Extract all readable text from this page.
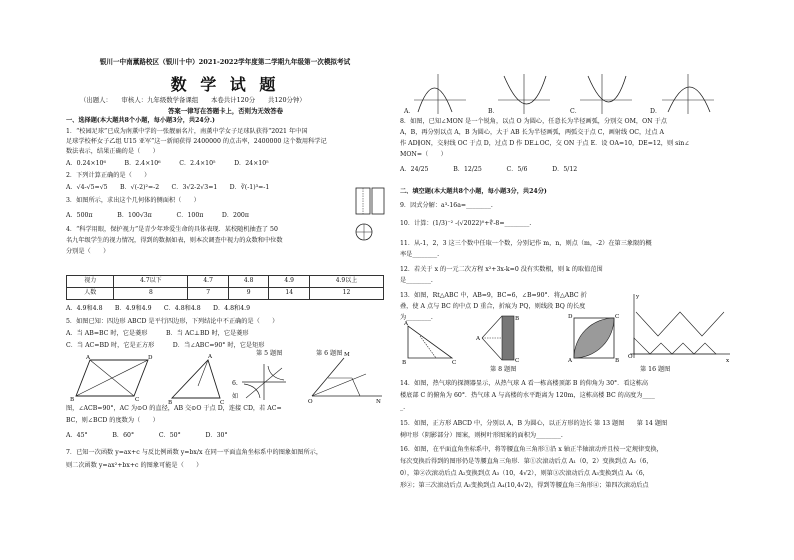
银川一中南薰路校区（银川十中）2021-2022学年度第二学期九年级第一次模拟考试
数 学 试 题
（出题人：　　审核人：九年级数学备课组　　本卷共计120分　　共120分钟）
答案一律写在答题卡上，否则为无效答卷
一、选择题(本大题共8个小题，每小题3分，共24分.)
1．“校园足球”已成为南薰中学的一张靓丽名片，南薰中学女子足球队获得“2021 年中国
足球学校杯女子乙组 U15 亚军”这一新闻获得 2400000 的点击率，2400000 这个数用科学记
数法表示，结果正确的是（　　）
A．0.24×10⁶　　　B．2.4×10⁶　　　C．2.4×10⁵　　　D．24×10⁵
2．下列计算正确的是（　　）
A．√4-√5=√5　　B．√(-2)²=-2　　C．3√2-2√3=1　　D．∛(-1)³=-1
3．如图所示，求出这个几何体的侧面积（　　）
A．500π　　　　B．100√3π　　　　C．100π　　　D．200π
4．“科学用眼，保护视力”是青少年珍爱生命的具体表现．某校随机抽查了 50
名九年级学生的视力情况，得到的数据如表，则本次调查中视力的众数和中位数
分别是（　　）
视力	4.7以下	4.7	4.8	4.9	4.9以上
人数	8	7	9	14	12
A．4.9和4.8　　B．4.9和4.9　　C．4.8和4.8　　D．4.8和4.9
5．如图已知：四边形 ABCD 是平行四边形，下列结论中不正确的是（　　）
A．当 AB=BC 时，它是菱形　　　B．当 AC⊥BD 时，它是菱形
C．当 AC=BD 时，它是正方形　　　D．当∠ABC=90° 时，它是矩形
A	D
B	C
A
B	C
6.
如
M
O	N
第 5 题图	第 6 题图
图，∠ACB=90°，AC 为⊙O 的直径，AB 交⊙O 于点 D，连接 CD，若 AC=
BC，则∠BCD 的度数为（　　）
A．45°　　　　B．60°　　　　C．50°　　　　D．30°
7．已知一次函数 y=ax+c 与反比例函数 y=bx/x 在同一平面直角坐标系中的图象如图所示，
则二次函数 y=ax²+bx+c 的图象可能是（　　）
A．	B．	C．	D．
8．如图，已知∠MON 是一个锐角，以点 O 为圆心，任意长为半径画弧，分别交 OM，ON 于点
A，B，再分别以点 A，B 为圆心，大于 AB 长为半径画弧，两弧交于点 C，画射线 OC，过点 A
作 AD∥ON，交射线 OC 于点 D，过点 D 作 DE⊥OC，交 ON 于点 E．设 OA=10，DE=12，则 sin∠
MON=（　　）
A．24/25　　　　B．12/25　　　　C．5/6　　　　D．5/12
二、填空题(本大题共8个小题，每小题3分，共24分)
9．因式分解：a³-16a=________.
10．计算：(1/3)⁻² -(√2022)⁰+∜-8=________.
11．从-1，2，3 这三个数中任取一个数，分别记作 m，n，则点（m，-2）在第三象限的概
率是________.
12．若关于 x 的一元二次方程 x²+3x-k=0 没有实数根，则 k 的取值范围
是________.
13．如图，Rt△ABC 中，AB=9，BC=6，∠B=90°．将△ABC 折
叠，使 A 点与 BC 的中点 D 重合，折痕为 PQ，则线段 BQ 的长度
为________.
A
B	C
A
B
C
D	C
A	B
O
x
y
第 8 题图	第 16 题图
14．如图，热气球的探测器显示，从热气球 A 看一栋高楼顶部 B 的仰角为 30°．看这栋高
楼底部 C 的俯角为 60°．热气球 A 与高楼的水平距离为 120m，这栋高楼 BC 的高度为____
_.
15．如图，正方形 ABCD 中，分别以 A，B 为圆心，以正方形的边长 第 13 题图　　第 14 题图
树叶形（阴影部分）图案，则树叶形图案的面积为________.
16．如图，在平面直角坐标系中，将等腰直角三角形①沿 x 轴正半轴滚动并且按一定规律变换，
每次变换后得到的图形仍是等腰直角三角形．第①次滚动后点 A₁（0，2）变换到点 A₂（6，
0），第②次滚动后点 A₂变换到点 A₃（10，4√2），则第③次滚动后点 A₃变换到点 A₄（6，
形②；第三次滚动后点 A₃变换到点 A₄(10,4√2)，得到等腰直角三角形④；第四次滚动后点
